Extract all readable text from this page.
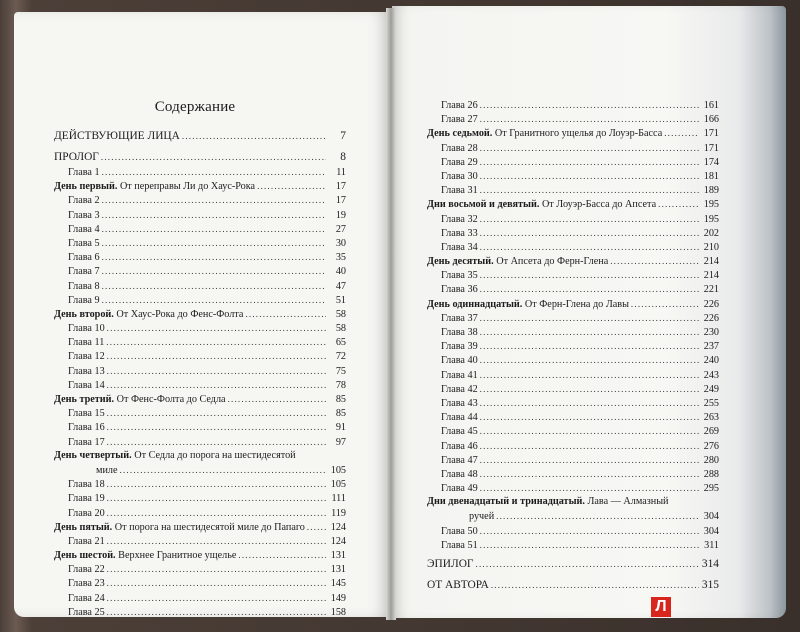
Содержание
ДЕЙСТВУЮЩИЕ ЛИЦА .....	7
ПРОЛОГ .....	8
Глава 1 .....	11
День первый. От переправы Ли до Хаус-Рока .....	17
Глава 2 .....	17
Глава 3 .....	19
Глава 4 .....	27
Глава 5 .....	30
Глава 6 .....	35
Глава 7 .....	40
Глава 8 .....	47
Глава 9 .....	51
День второй. От Хаус-Рока до Фенс-Фолта .....	58
Глава 10 .....	58
Глава 11 .....	65
Глава 12 .....	72
Глава 13 .....	75
Глава 14 .....	78
День третий. От Фенс-Фолта до Седла .....	85
Глава 15 .....	85
Глава 16 .....	91
Глава 17 .....	97
День четвертый. От Седла до порога на шестидесятой
миле .....	105
Глава 18 .....	105
Глава 19 .....	111
Глава 20 .....	119
День пятый. От порога на шестидесятой миле до Папаго .....	124
Глава 21 .....	124
День шестой. Верхнее Гранитное ущелье .....	131
Глава 22 .....	131
Глава 23 .....	145
Глава 24 .....	149
Глава 25 .....	158
Глава 26 .....	161
Глава 27 .....	166
День седьмой. От Гранитного ущелья до Лоуэр-Басса .....	171
Глава 28 .....	171
Глава 29 .....	174
Глава 30 .....	181
Глава 31 .....	189
Дни восьмой и девятый. От Лоуэр-Басса до Апсета .....	195
Глава 32 .....	195
Глава 33 .....	202
Глава 34 .....	210
День десятый. От Апсета до Ферн-Глена .....	214
Глава 35 .....	214
Глава 36 .....	221
День одиннадцатый. От Ферн-Глена до Лавы .....	226
Глава 37 .....	226
Глава 38 .....	230
Глава 39 .....	237
Глава 40 .....	240
Глава 41 .....	243
Глава 42 .....	249
Глава 43 .....	255
Глава 44 .....	263
Глава 45 .....	269
Глава 46 .....	276
Глава 47 .....	280
Глава 48 .....	288
Глава 49 .....	295
Дни двенадцатый и тринадцатый. Лава — Алмазный
ручей .....	304
Глава 50 .....	304
Глава 51 .....	311
ЭПИЛОГ .....	314
ОТ АВТОРА .....	315
Л
